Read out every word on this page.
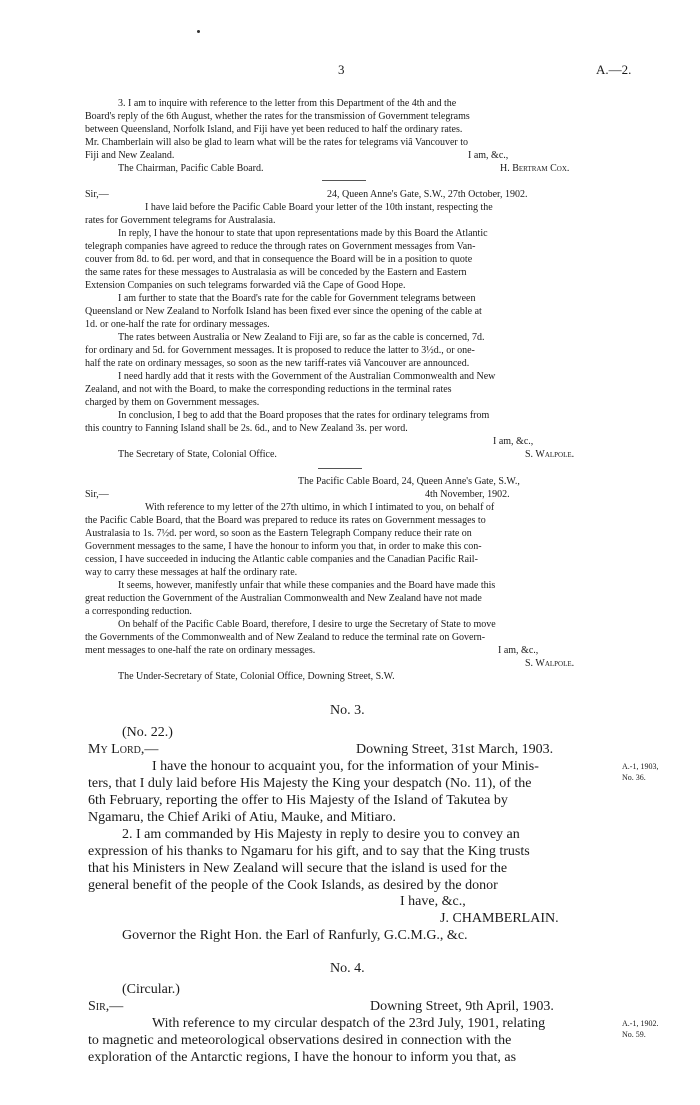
3	A.—2.
3. I am to inquire with reference to the letter from this Department of the 4th and the
Board's reply of the 6th August, whether the rates for the transmission of Government telegrams
between Queensland, Norfolk Island, and Fiji have yet been reduced to half the ordinary rates.
Mr. Chamberlain will also be glad to learn what will be the rates for telegrams viâ Vancouver to
Fiji and New Zealand.	I am, &c.,
The Chairman, Pacific Cable Board.	H. Bertram Cox.
Sir,—	24, Queen Anne's Gate, S.W., 27th October, 1902.
I have laid before the Pacific Cable Board your letter of the 10th instant, respecting the
rates for Government telegrams for Australasia.
In reply, I have the honour to state that upon representations made by this Board the Atlantic
telegraph companies have agreed to reduce the through rates on Government messages from Van-
couver from 8d. to 6d. per word, and that in consequence the Board will be in a position to quote
the same rates for these messages to Australasia as will be conceded by the Eastern and Eastern
Extension Companies on such telegrams forwarded viâ the Cape of Good Hope.
I am further to state that the Board's rate for the cable for Government telegrams between
Queensland or New Zealand to Norfolk Island has been fixed ever since the opening of the cable at
1d. or one-half the rate for ordinary messages.
The rates between Australia or New Zealand to Fiji are, so far as the cable is concerned, 7d.
for ordinary and 5d. for Government messages. It is proposed to reduce the latter to 3½d., or one-
half the rate on ordinary messages, so soon as the new tariff-rates viâ Vancouver are announced.
I need hardly add that it rests with the Government of the Australian Commonwealth and New
Zealand, and not with the Board, to make the corresponding reductions in the terminal rates
charged by them on Government messages.
In conclusion, I beg to add that the Board proposes that the rates for ordinary telegrams from
this country to Fanning Island shall be 2s. 6d., and to New Zealand 3s. per word.
I am, &c.,
The Secretary of State, Colonial Office.	S. Walpole.
The Pacific Cable Board, 24, Queen Anne's Gate, S.W.,
Sir,—	4th November, 1902.
With reference to my letter of the 27th ultimo, in which I intimated to you, on behalf of
the Pacific Cable Board, that the Board was prepared to reduce its rates on Government messages to
Australasia to 1s. 7½d. per word, so soon as the Eastern Telegraph Company reduce their rate on
Government messages to the same, I have the honour to inform you that, in order to make this con-
cession, I have succeeded in inducing the Atlantic cable companies and the Canadian Pacific Rail-
way to carry these messages at half the ordinary rate.
It seems, however, manifestly unfair that while these companies and the Board have made this
great reduction the Government of the Australian Commonwealth and New Zealand have not made
a corresponding reduction.
On behalf of the Pacific Cable Board, therefore, I desire to urge the Secretary of State to move
the Governments of the Commonwealth and of New Zealand to reduce the terminal rate on Govern-
ment messages to one-half the rate on ordinary messages.	I am, &c.,
S. Walpole.
The Under-Secretary of State, Colonial Office, Downing Street, S.W.
No. 3.
(No. 22.)
My Lord,—	Downing Street, 31st March, 1903.
I have the honour to acquaint you, for the information of your Minis-
ters, that I duly laid before His Majesty the King your despatch (No. 11), of the
6th February, reporting the offer to His Majesty of the Island of Takutea by
Ngamaru, the Chief Ariki of Atiu, Mauke, and Mitiaro.
2. I am commanded by His Majesty in reply to desire you to convey an
expression of his thanks to Ngamaru for his gift, and to say that the King trusts
that his Ministers in New Zealand will secure that the island is used for the
general benefit of the people of the Cook Islands, as desired by the donor
I have, &c.,
J. CHAMBERLAIN.
Governor the Right Hon. the Earl of Ranfurly, G.C.M.G., &c.
A.-1, 1903,
No. 36.
No. 4.
(Circular.)
Sir,—	Downing Street, 9th April, 1903.
With reference to my circular despatch of the 23rd July, 1901, relating
to magnetic and meteorological observations desired in connection with the
exploration of the Antarctic regions, I have the honour to inform you that, as
A.-1, 1902.
No. 59.
